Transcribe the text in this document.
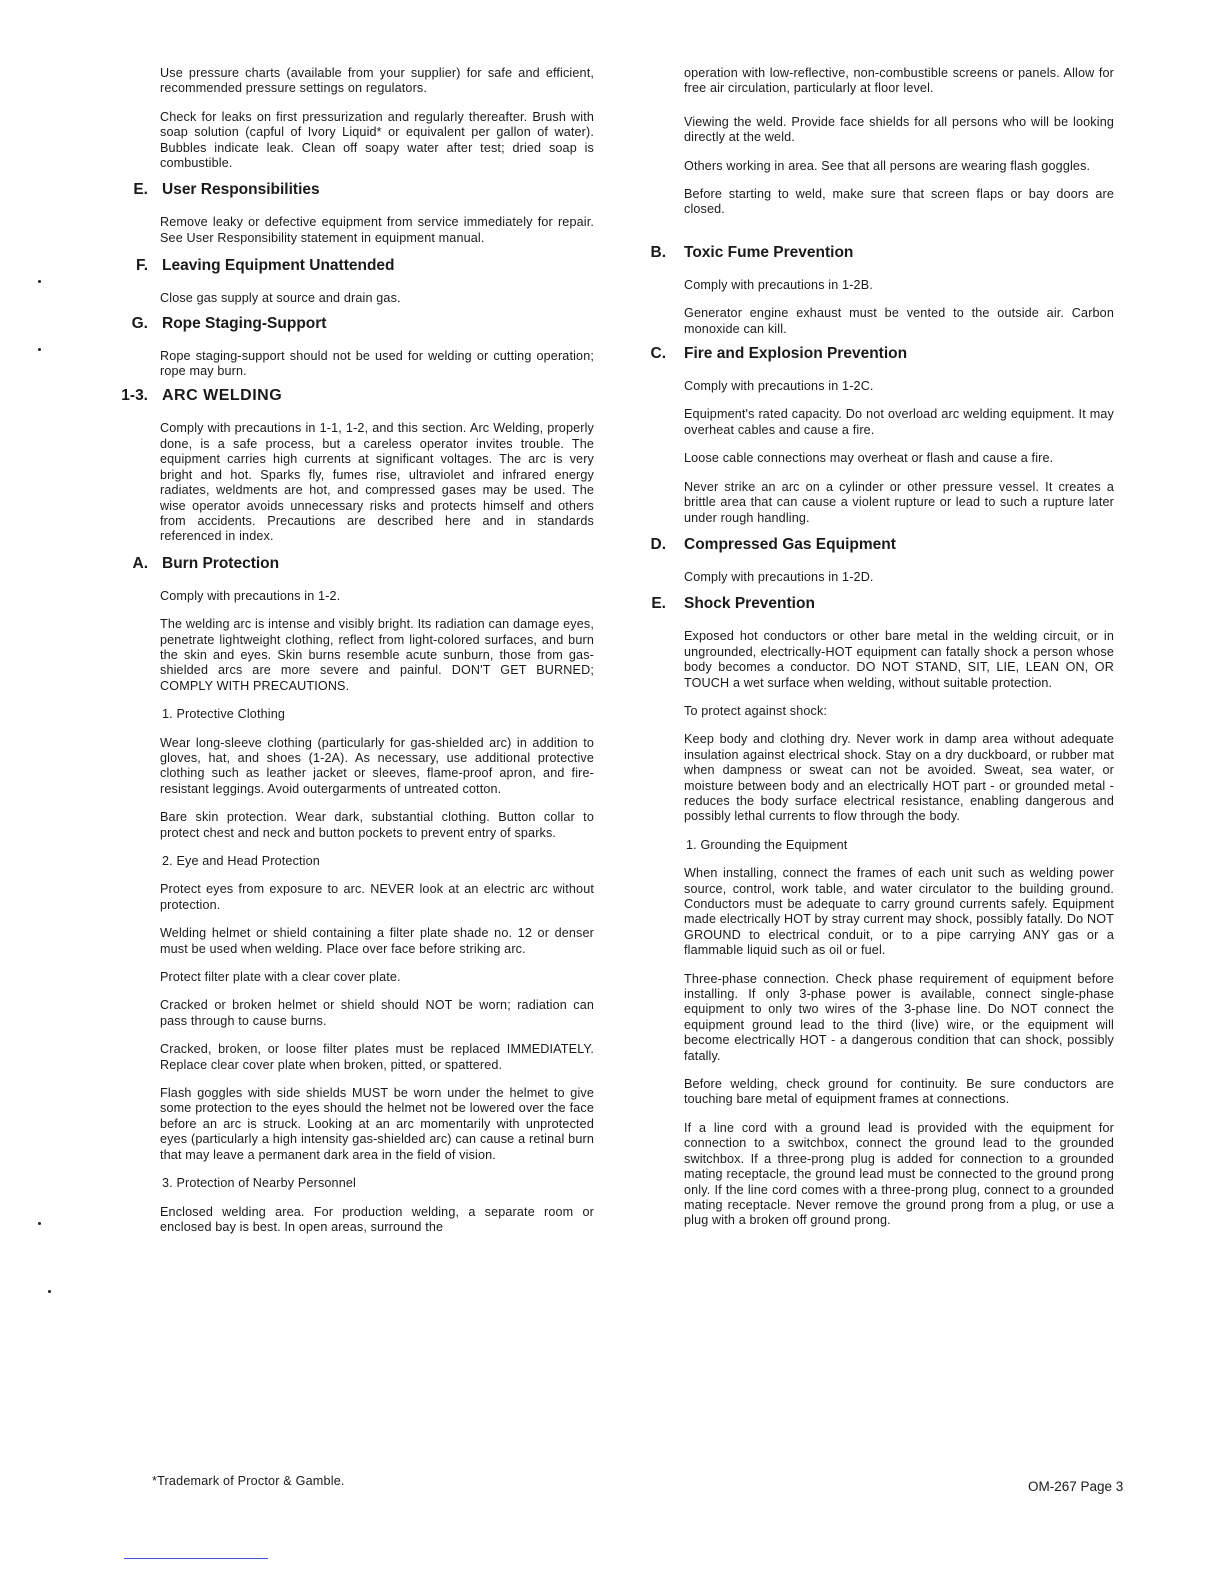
Use pressure charts (available from your supplier) for safe and efficient, recommended pressure settings on regulators.

Check for leaks on first pressurization and regularly thereafter. Brush with soap solution (capful of Ivory Liquid* or equivalent per gallon of water). Bubbles indicate leak. Clean off soapy water after test; dried soap is combustible.

E. User Responsibilities

Remove leaky or defective equipment from service immediately for repair. See User Responsibility statement in equipment manual.

F. Leaving Equipment Unattended

Close gas supply at source and drain gas.

G. Rope Staging-Support

Rope staging-support should not be used for welding or cutting operation; rope may burn.

1-3. ARC WELDING

Comply with precautions in 1-1, 1-2, and this section. Arc Welding, properly done, is a safe process, but a careless operator invites trouble. The equipment carries high currents at significant voltages. The arc is very bright and hot. Sparks fly, fumes rise, ultraviolet and infrared energy radiates, weldments are hot, and compressed gases may be used. The wise operator avoids unnecessary risks and protects himself and others from accidents. Precautions are described here and in standards referenced in index.

A. Burn Protection

Comply with precautions in 1-2.

The welding arc is intense and visibly bright. Its radiation can damage eyes, penetrate lightweight clothing, reflect from light-colored surfaces, and burn the skin and eyes. Skin burns resemble acute sunburn, those from gas-shielded arcs are more severe and painful. DON'T GET BURNED; COMPLY WITH PRECAUTIONS.

1. Protective Clothing

Wear long-sleeve clothing (particularly for gas-shielded arc) in addition to gloves, hat, and shoes (1-2A). As necessary, use additional protective clothing such as leather jacket or sleeves, flame-proof apron, and fire-resistant leggings. Avoid outergarments of untreated cotton.

Bare skin protection. Wear dark, substantial clothing. Button collar to protect chest and neck and button pockets to prevent entry of sparks.

2. Eye and Head Protection

Protect eyes from exposure to arc. NEVER look at an electric arc without protection.

Welding helmet or shield containing a filter plate shade no. 12 or denser must be used when welding. Place over face before striking arc.

Protect filter plate with a clear cover plate.

Cracked or broken helmet or shield should NOT be worn; radiation can pass through to cause burns.

Cracked, broken, or loose filter plates must be replaced IMMEDIATELY. Replace clear cover plate when broken, pitted, or spattered.

Flash goggles with side shields MUST be worn under the helmet to give some protection to the eyes should the helmet not be lowered over the face before an arc is struck. Looking at an arc momentarily with unprotected eyes (particularly a high intensity gas-shielded arc) can cause a retinal burn that may leave a permanent dark area in the field of vision.

3. Protection of Nearby Personnel

Enclosed welding area. For production welding, a separate room or enclosed bay is best. In open areas, surround the

operation with low-reflective, non-combustible screens or panels. Allow for free air circulation, particularly at floor level.

Viewing the weld. Provide face shields for all persons who will be looking directly at the weld.

Others working in area. See that all persons are wearing flash goggles.

Before starting to weld, make sure that screen flaps or bay doors are closed.

B. Toxic Fume Prevention

Comply with precautions in 1-2B.

Generator engine exhaust must be vented to the outside air. Carbon monoxide can kill.

C. Fire and Explosion Prevention

Comply with precautions in 1-2C.

Equipment's rated capacity. Do not overload arc welding equipment. It may overheat cables and cause a fire.

Loose cable connections may overheat or flash and cause a fire.

Never strike an arc on a cylinder or other pressure vessel. It creates a brittle area that can cause a violent rupture or lead to such a rupture later under rough handling.

D. Compressed Gas Equipment

Comply with precautions in 1-2D.

E. Shock Prevention

Exposed hot conductors or other bare metal in the welding circuit, or in ungrounded, electrically-HOT equipment can fatally shock a person whose body becomes a conductor. DO NOT STAND, SIT, LIE, LEAN ON, OR TOUCH a wet surface when welding, without suitable protection.

To protect against shock:

Keep body and clothing dry. Never work in damp area without adequate insulation against electrical shock. Stay on a dry duckboard, or rubber mat when dampness or sweat can not be avoided. Sweat, sea water, or moisture between body and an electrically HOT part - or grounded metal - reduces the body surface electrical resistance, enabling dangerous and possibly lethal currents to flow through the body.

1. Grounding the Equipment

When installing, connect the frames of each unit such as welding power source, control, work table, and water circulator to the building ground. Conductors must be adequate to carry ground currents safely. Equipment made electrically HOT by stray current may shock, possibly fatally. Do NOT GROUND to electrical conduit, or to a pipe carrying ANY gas or a flammable liquid such as oil or fuel.

Three-phase connection. Check phase requirement of equipment before installing. If only 3-phase power is available, connect single-phase equipment to only two wires of the 3-phase line. Do NOT connect the equipment ground lead to the third (live) wire, or the equipment will become electrically HOT - a dangerous condition that can shock, possibly fatally.

Before welding, check ground for continuity. Be sure conductors are touching bare metal of equipment frames at connections.

If a line cord with a ground lead is provided with the equipment for connection to a switchbox, connect the ground lead to the grounded switchbox. If a three-prong plug is added for connection to a grounded mating receptacle, the ground lead must be connected to the ground prong only. If the line cord comes with a three-prong plug, connect to a grounded mating receptacle. Never remove the ground prong from a plug, or use a plug with a broken off ground prong.

*Trademark of Proctor & Gamble.	OM-267 Page 3
